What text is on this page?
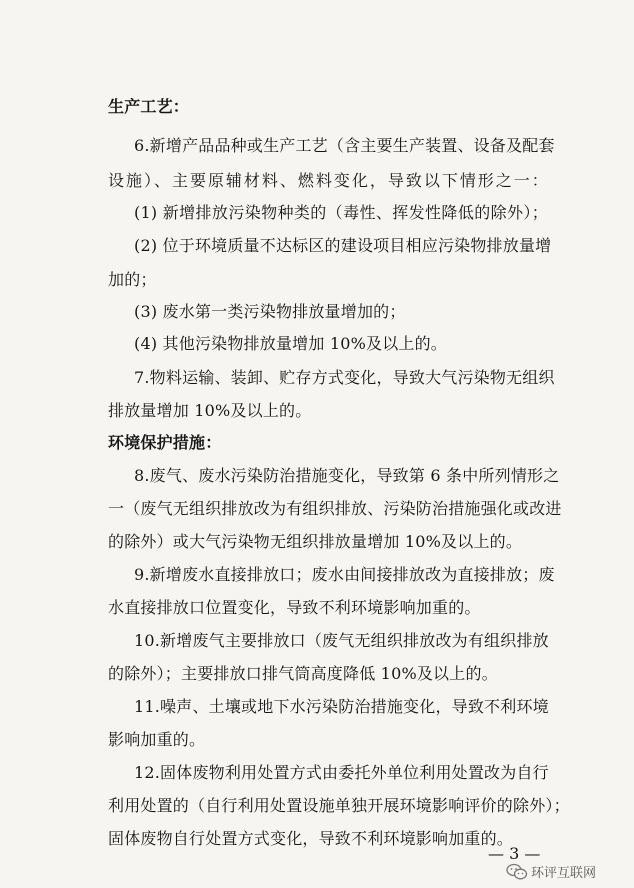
生产工艺：
6.新增产品品种或生产工艺（含主要生产装置、设备及配套
设施）、主要原辅材料、燃料变化，导致以下情形之一：
(1) 新增排放污染物种类的（毒性、挥发性降低的除外）；
(2) 位于环境质量不达标区的建设项目相应污染物排放量增
加的；
(3) 废水第一类污染物排放量增加的；
(4) 其他污染物排放量增加 10%及以上的。
7.物料运输、装卸、贮存方式变化，导致大气污染物无组织
排放量增加 10%及以上的。
环境保护措施：
8.废气、废水污染防治措施变化，导致第 6 条中所列情形之
一（废气无组织排放改为有组织排放、污染防治措施强化或改进
的除外）或大气污染物无组织排放量增加 10%及以上的。
9.新增废水直接排放口；废水由间接排放改为直接排放；废
水直接排放口位置变化，导致不利环境影响加重的。
10.新增废气主要排放口（废气无组织排放改为有组织排放
的除外）；主要排放口排气筒高度降低 10%及以上的。
11.噪声、土壤或地下水污染防治措施变化，导致不利环境
影响加重的。
12.固体废物利用处置方式由委托外单位利用处置改为自行
利用处置的（自行利用处置设施单独开展环境影响评价的除外）；
固体废物自行处置方式变化，导致不利环境影响加重的。
— 3 —
环评互联网
